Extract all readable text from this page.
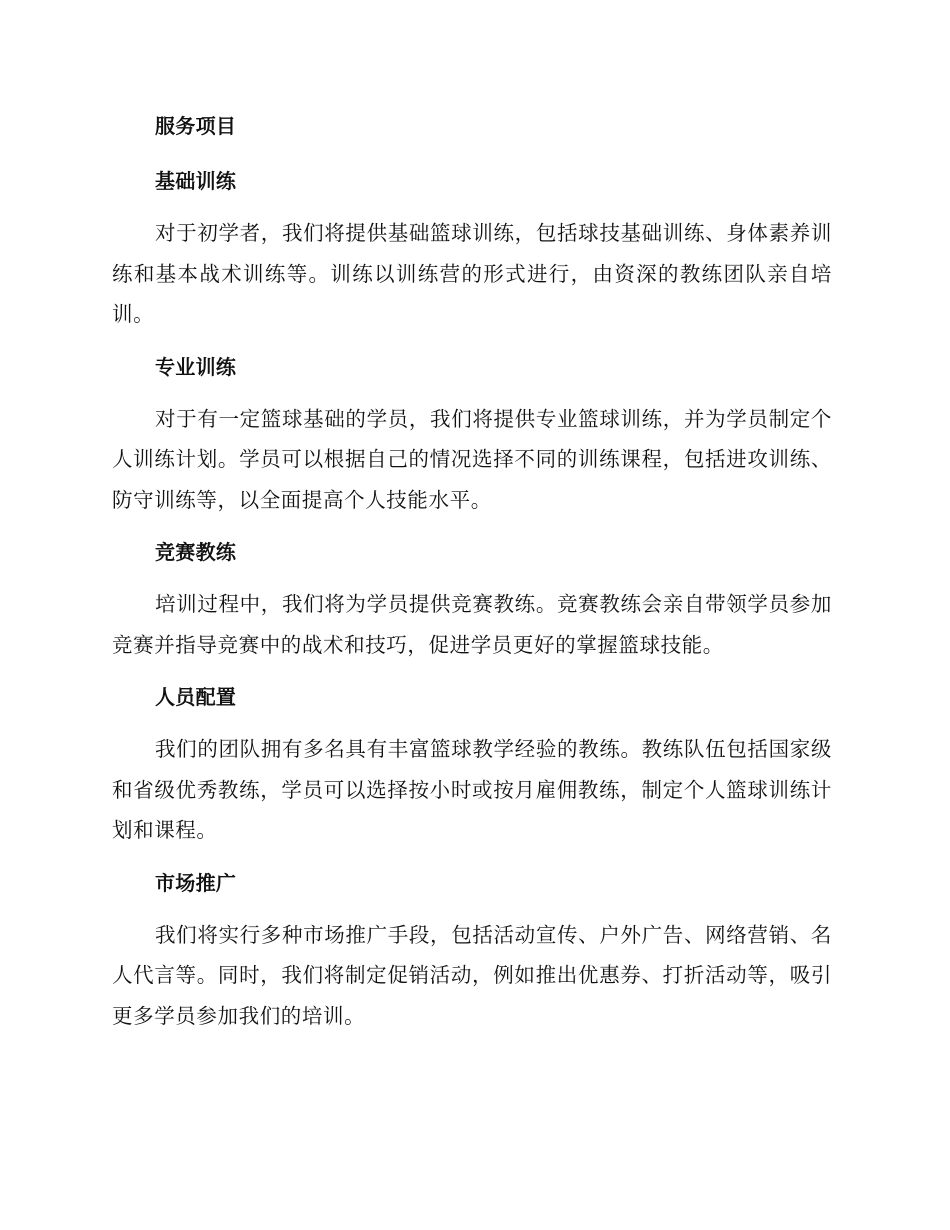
服务项目
基础训练

对于初学者，我们将提供基础篮球训练，包括球技基础训练、身体素养训练和基本战术训练等。训练以训练营的形式进行，由资深的教练团队亲自培训。

专业训练

对于有一定篮球基础的学员，我们将提供专业篮球训练，并为学员制定个人训练计划。学员可以根据自己的情况选择不同的训练课程，包括进攻训练、防守训练等，以全面提高个人技能水平。

竞赛教练

培训过程中，我们将为学员提供竞赛教练。竞赛教练会亲自带领学员参加竞赛并指导竞赛中的战术和技巧，促进学员更好的掌握篮球技能。

人员配置

我们的团队拥有多名具有丰富篮球教学经验的教练。教练队伍包括国家级和省级优秀教练，学员可以选择按小时或按月雇佣教练，制定个人篮球训练计划和课程。

市场推广

我们将实行多种市场推广手段，包括活动宣传、户外广告、网络营销、名人代言等。同时，我们将制定促销活动，例如推出优惠券、打折活动等，吸引更多学员参加我们的培训。
